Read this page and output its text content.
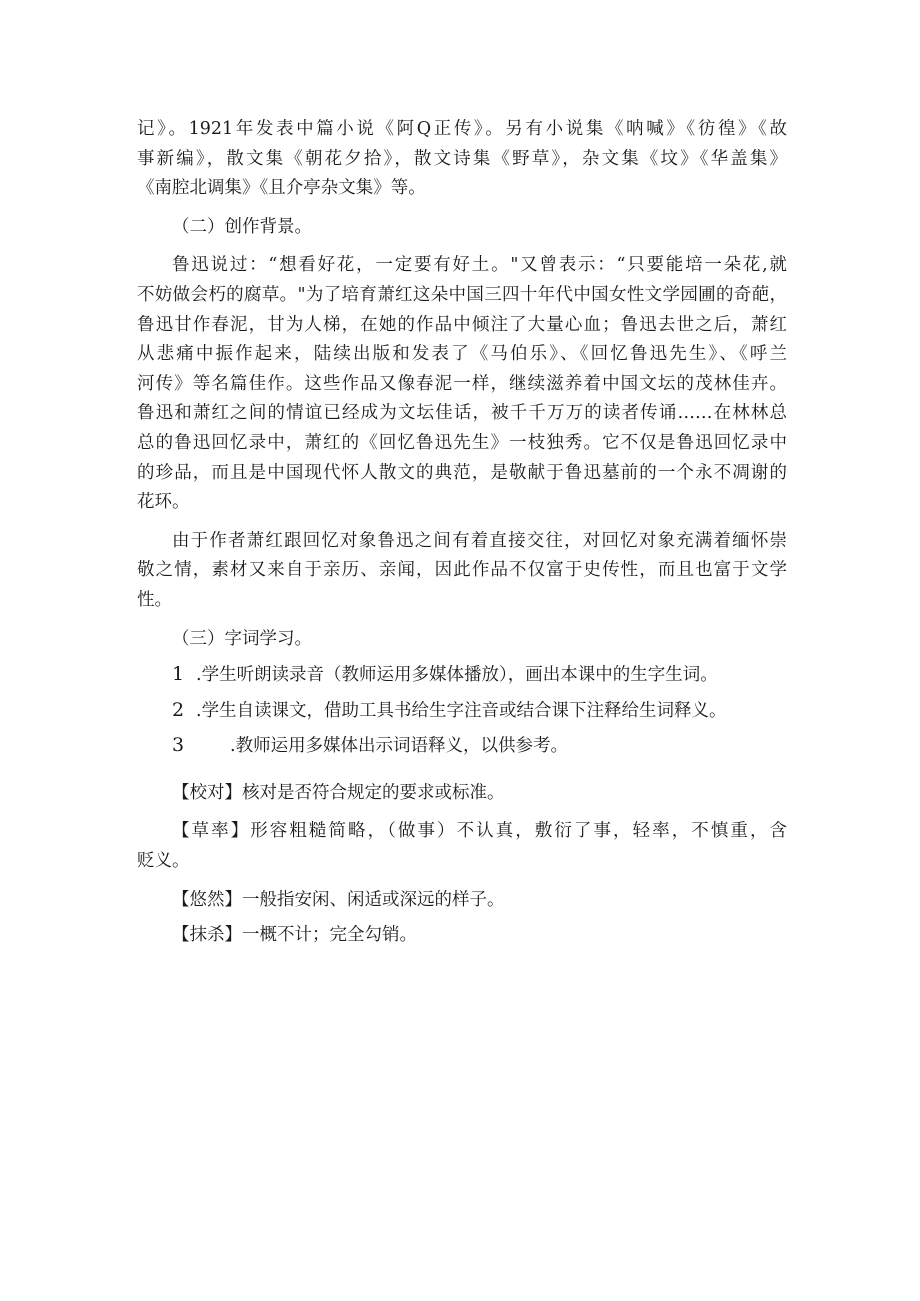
记》。1921年发表中篇小说《阿Q正传》。另有小说集《呐喊》《彷徨》《故
事新编》，散文集《朝花夕拾》，散文诗集《野草》，杂文集《坟》《华盖集》
《南腔北调集》《且介亭杂文集》等。
（二）创作背景。
鲁迅说过：“想看好花，一定要有好土。"又曾表示：“只要能培一朵花,就
不妨做会朽的腐草。"为了培育萧红这朵中国三四十年代中国女性文学园圃的奇葩，
鲁迅甘作春泥，甘为人梯，在她的作品中倾注了大量心血；鲁迅去世之后，萧红
从悲痛中振作起来，陆续出版和发表了《马伯乐》、《回忆鲁迅先生》、《呼兰
河传》等名篇佳作。这些作品又像春泥一样，继续滋养着中国文坛的茂林佳卉。
鲁迅和萧红之间的情谊已经成为文坛佳话，被千千万万的读者传诵……在林林总
总的鲁迅回忆录中，萧红的《回忆鲁迅先生》一枝独秀。它不仅是鲁迅回忆录中
的珍品，而且是中国现代怀人散文的典范，是敬献于鲁迅墓前的一个永不凋谢的
花环。
由于作者萧红跟回忆对象鲁迅之间有着直接交往，对回忆对象充满着缅怀崇
敬之情，素材又来自于亲历、亲闻，因此作品不仅富于史传性，而且也富于文学
性。
（三）字词学习。
1 .学生听朗读录音（教师运用多媒体播放），画出本课中的生字生词。
2 .学生自读课文，借助工具书给生字注音或结合课下注释给生词释义。
3	.教师运用多媒体出示词语释义，以供参考。
【校对】核对是否符合规定的要求或标准。
【草率】形容粗糙简略，（做事）不认真，敷衍了事，轻率，不慎重，含
贬义。
【悠然】一般指安闲、闲适或深远的样子。
【抹杀】一概不计；完全勾销。
